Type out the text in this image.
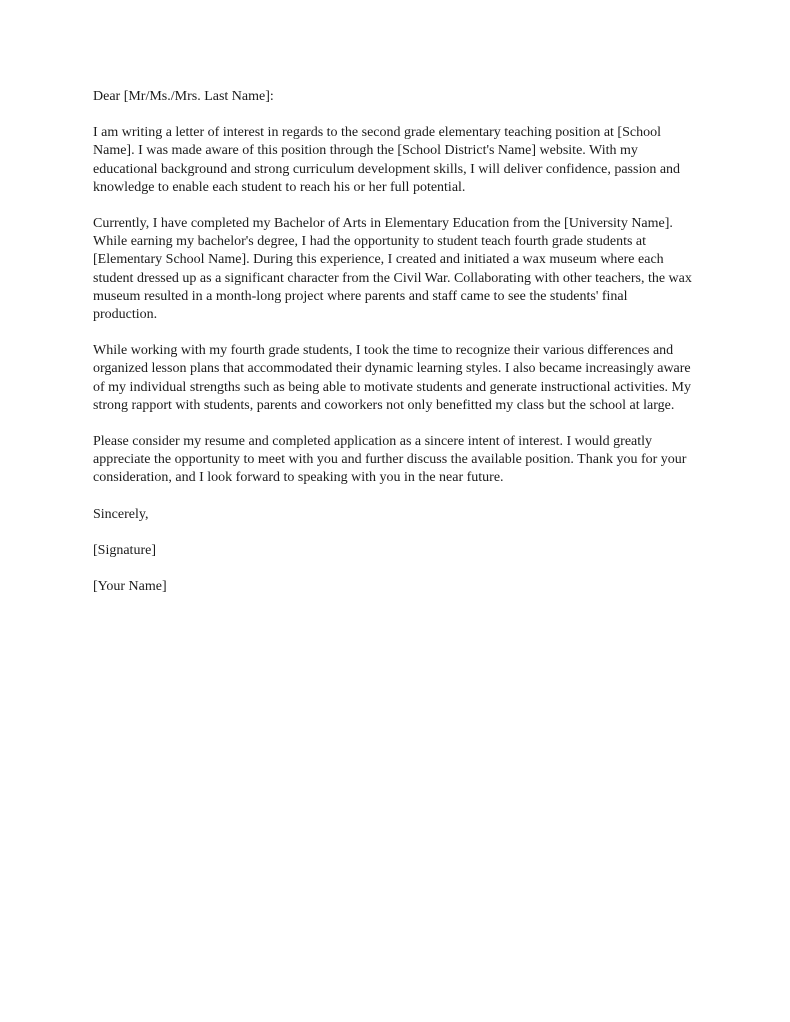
Dear [Mr/Ms./Mrs. Last Name]:

I am writing a letter of interest in regards to the second grade elementary teaching position at [School Name]. I was made aware of this position through the [School District's Name] website. With my educational background and strong curriculum development skills, I will deliver confidence, passion and knowledge to enable each student to reach his or her full potential.

Currently, I have completed my Bachelor of Arts in Elementary Education from the [University Name]. While earning my bachelor's degree, I had the opportunity to student teach fourth grade students at [Elementary School Name]. During this experience, I created and initiated a wax museum where each student dressed up as a significant character from the Civil War. Collaborating with other teachers, the wax museum resulted in a month-long project where parents and staff came to see the students' final production.

While working with my fourth grade students, I took the time to recognize their various differences and organized lesson plans that accommodated their dynamic learning styles. I also became increasingly aware of my individual strengths such as being able to motivate students and generate instructional activities. My strong rapport with students, parents and coworkers not only benefitted my class but the school at large.

Please consider my resume and completed application as a sincere intent of interest. I would greatly appreciate the opportunity to meet with you and further discuss the available position. Thank you for your consideration, and I look forward to speaking with you in the near future.

Sincerely,

[Signature]

[Your Name]
